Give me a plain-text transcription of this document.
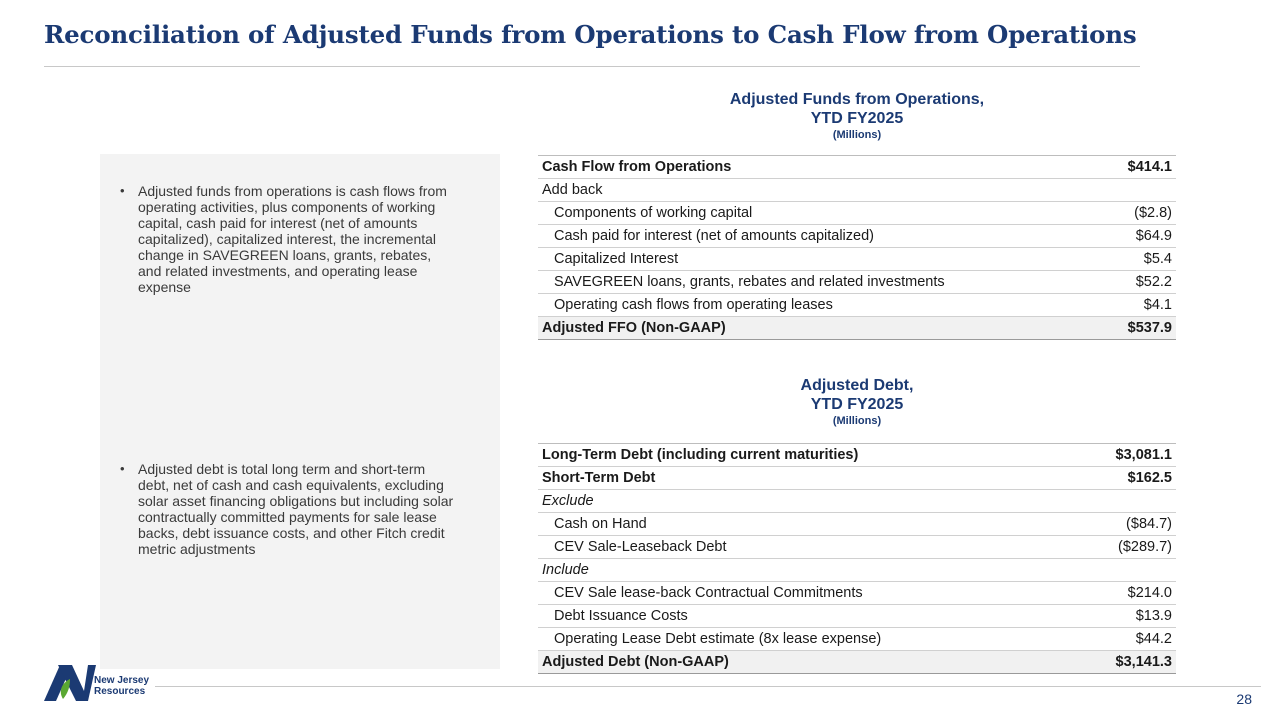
Reconciliation of Adjusted Funds from Operations to Cash Flow from Operations
• Adjusted funds from operations is cash flows from operating activities, plus components of working capital, cash paid for interest (net of amounts capitalized), capitalized interest, the incremental change in SAVEGREEN loans, grants, rebates, and related investments, and operating lease expense
• Adjusted debt is total long term and short-term debt, net of cash and cash equivalents, excluding solar asset financing obligations but including solar contractually committed payments for sale lease backs, debt issuance costs, and other Fitch credit metric adjustments
Adjusted Funds from Operations,
YTD FY2025
(Millions)
Cash Flow from Operations	$414.1
Add back
Components of working capital	($2.8)
Cash paid for interest (net of amounts capitalized)	$64.9
Capitalized Interest	$5.4
SAVEGREEN loans, grants, rebates and related investments	$52.2
Operating cash flows from operating leases	$4.1
Adjusted FFO (Non-GAAP)	$537.9
Adjusted Debt,
YTD FY2025
(Millions)
Long-Term Debt (including current maturities)	$3,081.1
Short-Term Debt	$162.5
Exclude
Cash on Hand	($84.7)
CEV Sale-Leaseback Debt	($289.7)
Include
CEV Sale lease-back Contractual Commitments	$214.0
Debt Issuance Costs	$13.9
Operating Lease Debt estimate (8x lease expense)	$44.2
Adjusted Debt (Non-GAAP)	$3,141.3
New Jersey
Resources	28
